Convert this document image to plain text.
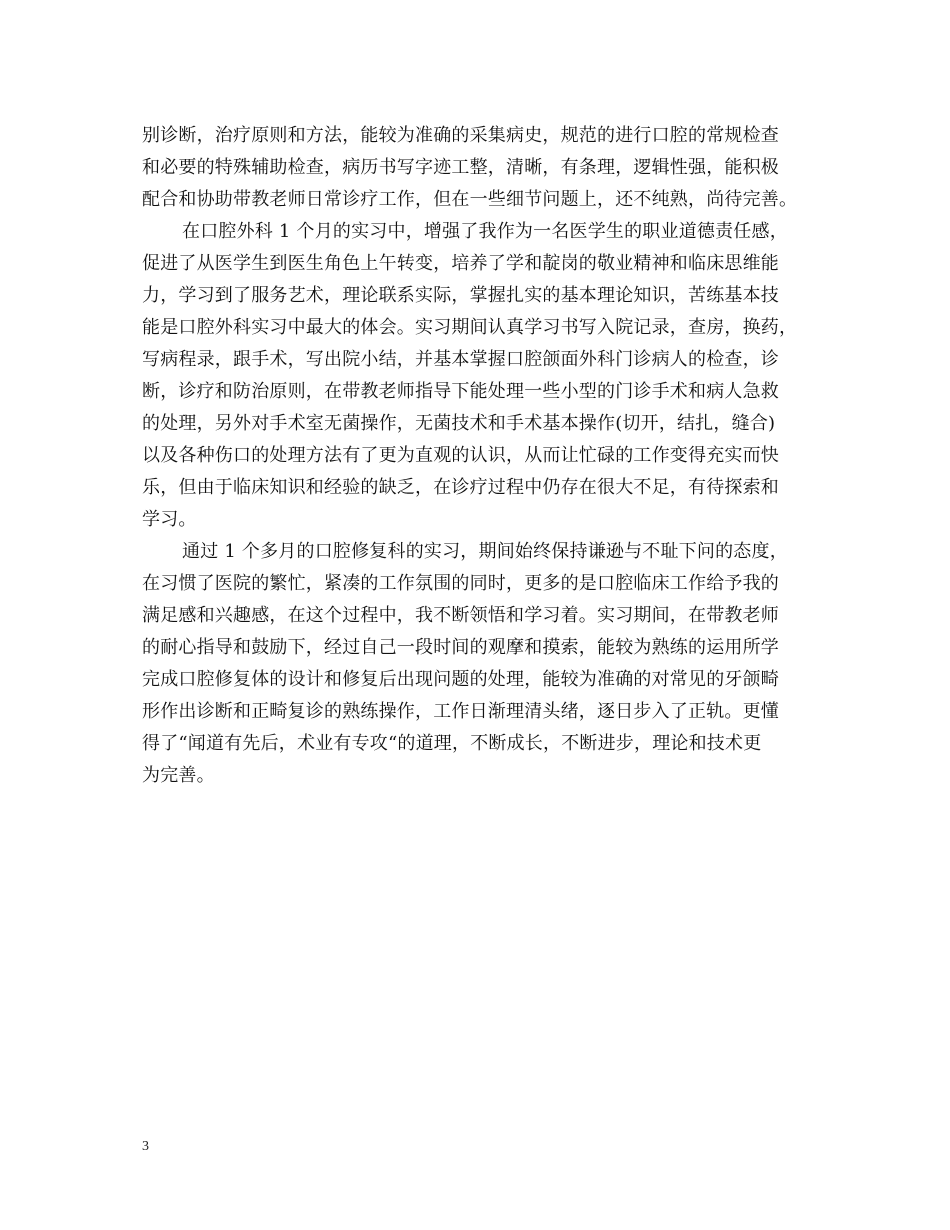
别诊断，治疗原则和方法，能较为准确的采集病史，规范的进行口腔的常规检查
和必要的特殊辅助检查，病历书写字迹工整，清晰，有条理，逻辑性强，能积极
配合和协助带教老师日常诊疗工作，但在一些细节问题上，还不纯熟，尚待完善。
在口腔外科 1 个月的实习中，增强了我作为一名医学生的职业道德责任感，
促进了从医学生到医生角色上午转变，培养了学和靛岗的敬业精神和临床思维能
力，学习到了服务艺术，理论联系实际，掌握扎实的基本理论知识，苦练基本技
能是口腔外科实习中最大的体会。实习期间认真学习书写入院记录，查房，换药，
写病程录，跟手术，写出院小结，并基本掌握口腔颌面外科门诊病人的检查，诊
断，诊疗和防治原则，在带教老师指导下能处理一些小型的门诊手术和病人急救
的处理，另外对手术室无菌操作，无菌技术和手术基本操作(切开，结扎，缝合)
以及各种伤口的处理方法有了更为直观的认识，从而让忙碌的工作变得充实而快
乐，但由于临床知识和经验的缺乏，在诊疗过程中仍存在很大不足，有待探索和
学习。
通过 1 个多月的口腔修复科的实习，期间始终保持谦逊与不耻下问的态度，
在习惯了医院的繁忙，紧凑的工作氛围的同时，更多的是口腔临床工作给予我的
满足感和兴趣感，在这个过程中，我不断领悟和学习着。实习期间，在带教老师
的耐心指导和鼓励下，经过自己一段时间的观摩和摸索，能较为熟练的运用所学
完成口腔修复体的设计和修复后出现问题的处理，能较为准确的对常见的牙颌畸
形作出诊断和正畸复诊的熟练操作，工作日渐理清头绪，逐日步入了正轨。更懂
得了“闻道有先后，术业有专攻“的道理，不断成长，不断进步，理论和技术更
为完善。
3
